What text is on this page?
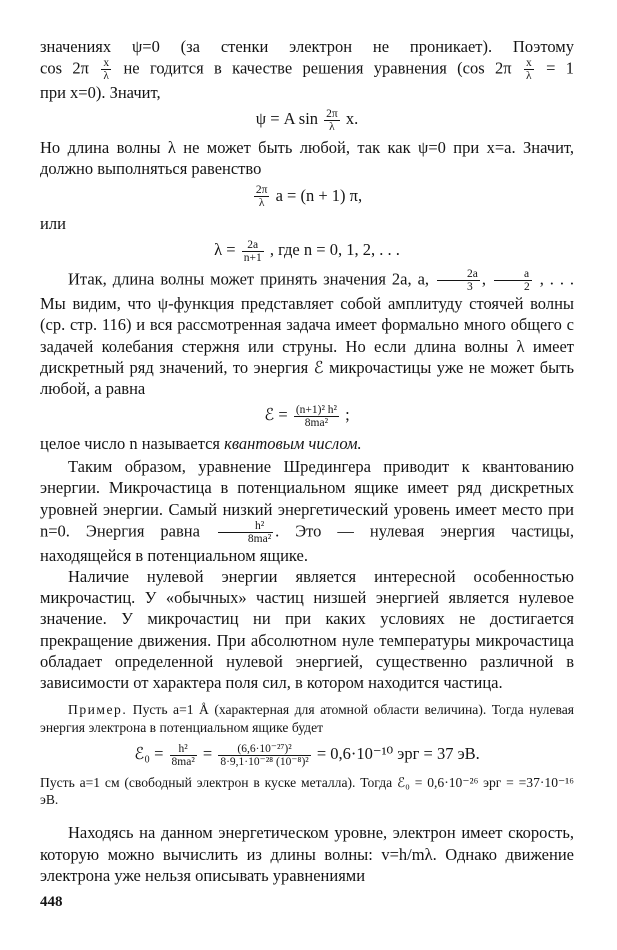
значениях ψ=0 (за стенки электрон не проникает). Поэтому

$\cos 2\pi \frac{x}{\lambda}$ не годится в качестве решения уравнения (cos $2\pi \frac{x}{\lambda} = 1$

при x=0). Значит,

ψ = A $\sin \frac{2\pi}{\lambda} x$.

Но длина волны λ не может быть любой, так как ψ=0 при x=a. Значит, должно выполняться равенство

$\frac{2\pi}{\lambda}$ a = (n + 1) π,

или

$\lambda = \frac{2a}{n+1}$ , где n = 0, 1, 2, . . .

Итак, длина волны может принять значения 2a, a, $\frac{2a}{3}$ , $\frac{a}{2}$ , . . .

Мы видим, что ψ-функция представляет собой амплитуду стоячей волны (ср. стр. 116) и вся рассмотренная задача имеет формально много общего с задачей колебания стержня или струны. Но если длина волны λ имеет дискретный ряд значений, то энергия ℰ микрочастицы уже не может быть любой, а равна

ℰ = $\frac{\text{(n+1)² h²}}{\text{8ma²}}$ ;

целое число n называется квантовым числом.

Таким образом, уравнение Шредингера приводит к квантованию энергии. Микрочастица в потенциальном ящике имеет ряд дискретных уровней энергии. Самый низкий энергетический уровень имеет место при n=0. Энергия равна $\frac{\text{h²}}{\text{8ma²}}$ . Это — нулевая энергия частицы, находящейся в потенциальном ящике.

Наличие нулевой энергии является интересной особенностью микрочастиц. У «обычных» частиц низшей энергией является нулевое значение. У микрочастиц ни при каких условиях не достигается прекращение движения. При абсолютном нуле температуры микрочастица обладает определенной нулевой энергией, существенно различной в зависимости от характера поля сил, в котором находится частица.

Пример. Пусть a=1 Å (характерная для атомной области величина). Тогда нулевая энергия электрона в потенциальном ящике будет

ℰ₀ = $\frac{\text{h²}}{\text{8ma²}} = \frac{\text{(6,6·10⁻²⁷)²}}{\text{8·9,1·10⁻²⁸ (10⁻⁸)²}} = 0,6\cdot 10^{-10}$ эрг = 37 эВ.

Пусть a=1 см (свободный электрон в куске металла). Тогда ℰ₀ = 0,6·10⁻²⁶ эрг = =37·10⁻¹⁶ эВ.

Находясь на данном энергетическом уровне, электрон имеет скорость, которую можно вычислить из длины волны: v=h/mλ. Однако движение электрона уже нельзя описывать уравнениями

448
